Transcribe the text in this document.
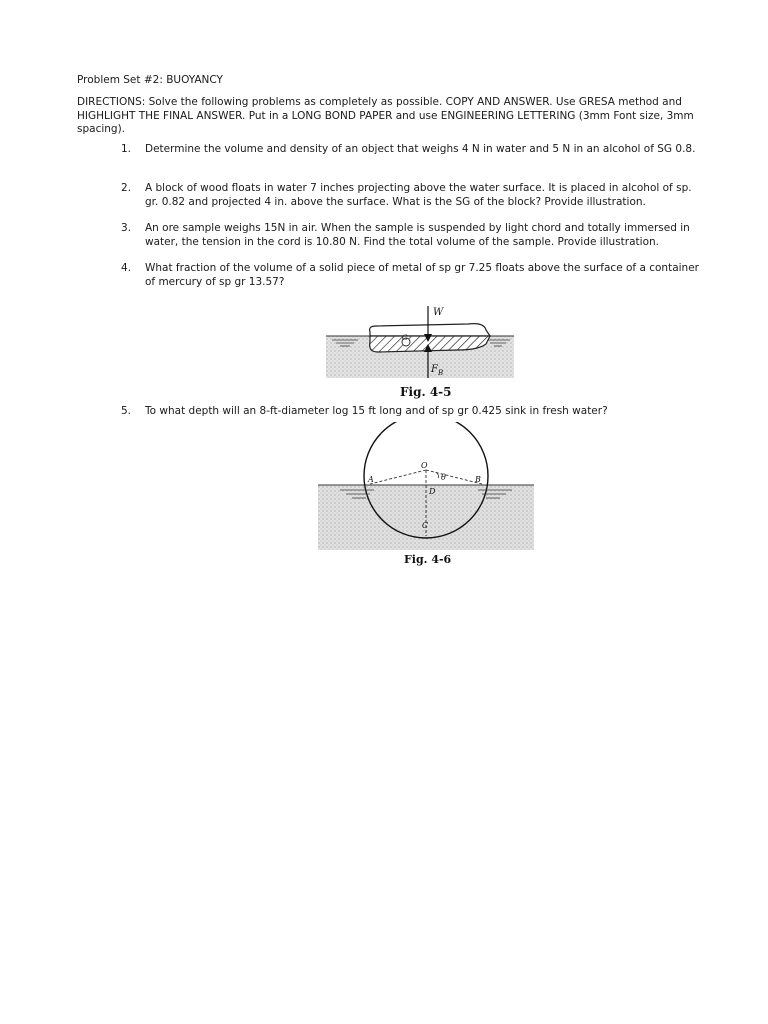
Problem Set #2: BUOYANCY
DIRECTIONS: Solve the following problems as completely as possible. COPY AND ANSWER. Use GRESA method and HIGHLIGHT THE FINAL ANSWER. Put in a LONG BOND PAPER and use ENGINEERING LETTERING (3mm Font size, 3mm spacing).
1. Determine the volume and density of an object that weighs 4 N in water and 5 N in an alcohol of SG 0.8.
2. A block of wood floats in water 7 inches projecting above the water surface. It is placed in alcohol of sp. gr. 0.82 and projected 4 in. above the surface. What is the SG of the block? Provide illustration.
3. An ore sample weighs 15N in air. When the sample is suspended by light chord and totally immersed in water, the tension in the cord is 10.80 N. Find the total volume of the sample. Provide illustration.
4. What fraction of the volume of a solid piece of metal of sp gr 7.25 floats above the surface of a container of mercury of sp gr 13.57?
G
W
F B
Fig. 4-5
5. To what depth will an 8-ft-diameter log 15 ft long and of sp gr 0.425 sink in fresh water?
O
A	B
D
C
θ
Fig. 4-6
